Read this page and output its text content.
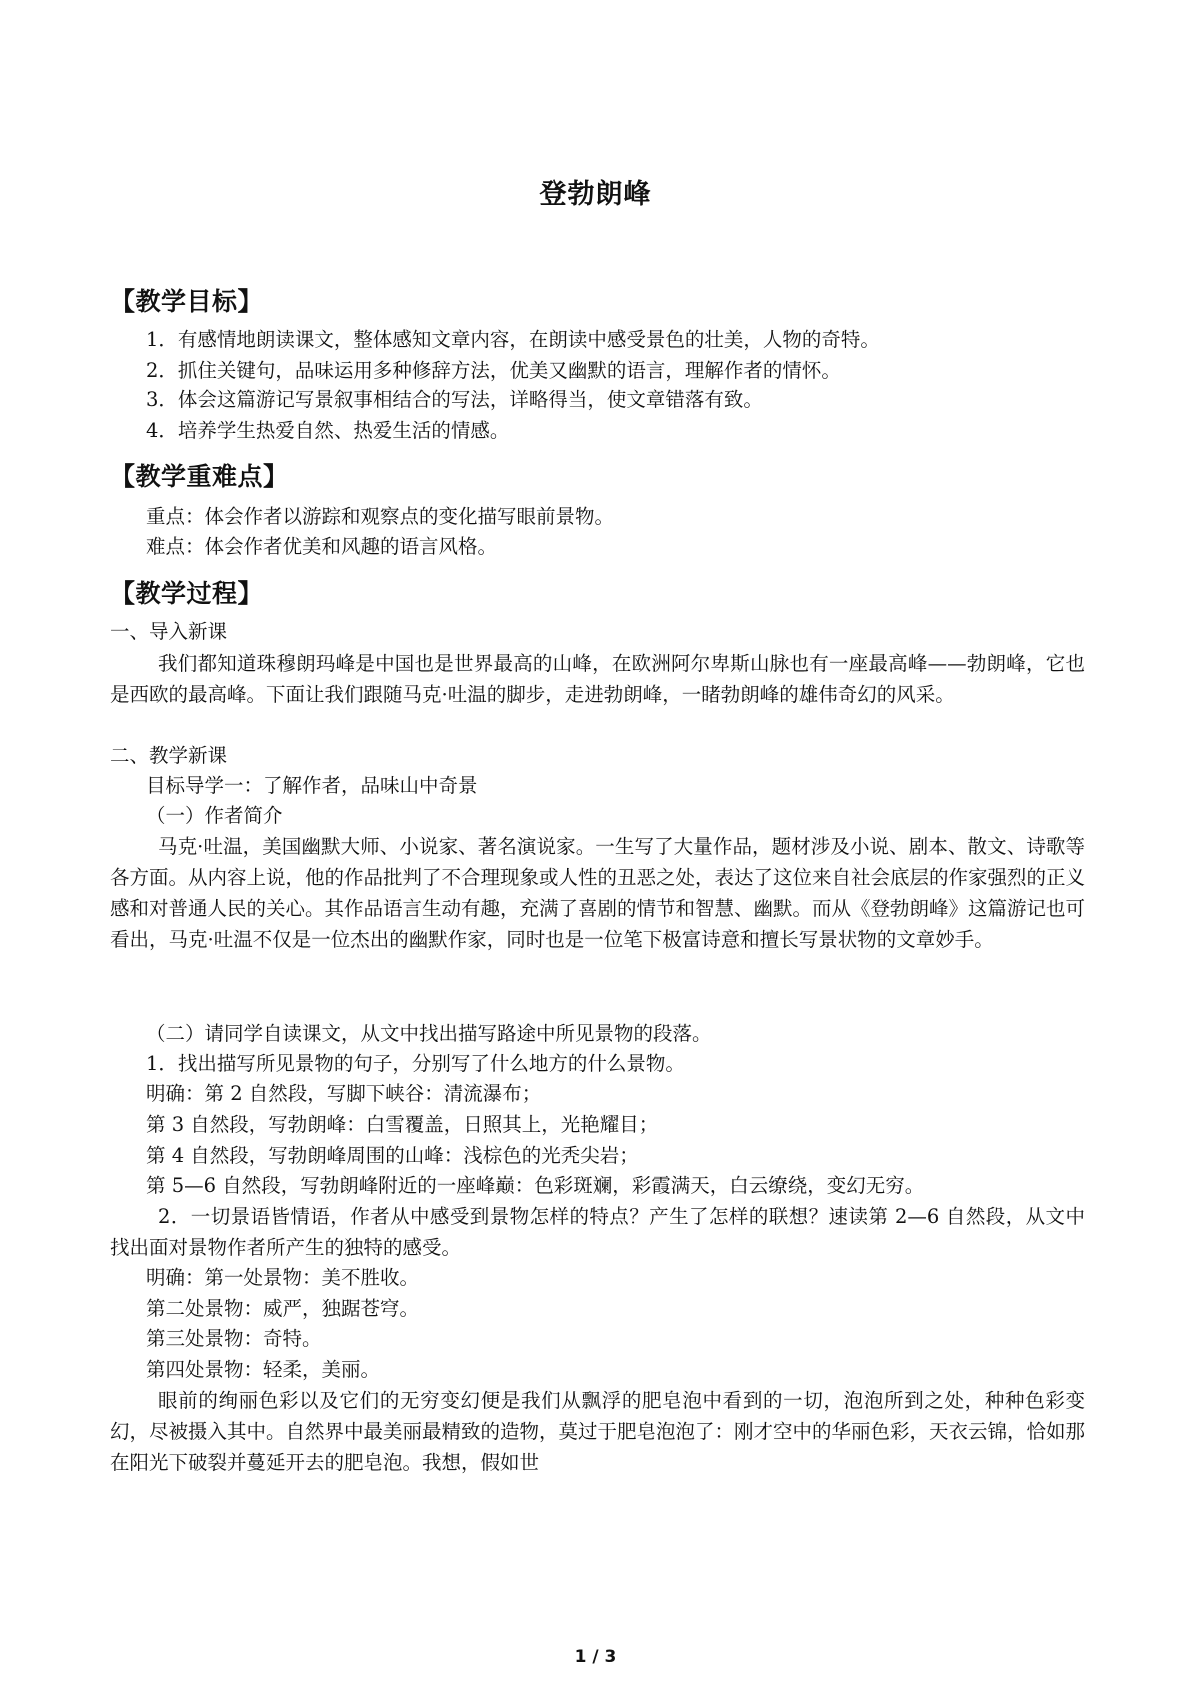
登勃朗峰
【教学目标】
1．有感情地朗读课文，整体感知文章内容，在朗读中感受景色的壮美，人物的奇特。
2．抓住关键句，品味运用多种修辞方法，优美又幽默的语言，理解作者的情怀。
3．体会这篇游记写景叙事相结合的写法，详略得当，使文章错落有致。
4．培养学生热爱自然、热爱生活的情感。
【教学重难点】
重点：体会作者以游踪和观察点的变化描写眼前景物。
难点：体会作者优美和风趣的语言风格。
【教学过程】
一、导入新课
我们都知道珠穆朗玛峰是中国也是世界最高的山峰，在欧洲阿尔卑斯山脉也有一座最高峰——勃朗峰，它也是西欧的最高峰。下面让我们跟随马克·吐温的脚步，走进勃朗峰，一睹勃朗峰的雄伟奇幻的风采。
二、教学新课
目标导学一：了解作者，品味山中奇景
（一）作者简介
马克·吐温，美国幽默大师、小说家、著名演说家。一生写了大量作品，题材涉及小说、剧本、散文、诗歌等各方面。从内容上说，他的作品批判了不合理现象或人性的丑恶之处，表达了这位来自社会底层的作家强烈的正义感和对普通人民的关心。其作品语言生动有趣，充满了喜剧的情节和智慧、幽默。而从《登勃朗峰》这篇游记也可看出，马克·吐温不仅是一位杰出的幽默作家，同时也是一位笔下极富诗意和擅长写景状物的文章妙手。
（二）请同学自读课文，从文中找出描写路途中所见景物的段落。
1．找出描写所见景物的句子，分别写了什么地方的什么景物。
明确：第 2 自然段，写脚下峡谷：清流瀑布；
第 3 自然段，写勃朗峰：白雪覆盖，日照其上，光艳耀目；
第 4 自然段，写勃朗峰周围的山峰：浅棕色的光秃尖岩；
第 5—6 自然段，写勃朗峰附近的一座峰巅：色彩斑斓，彩霞满天，白云缭绕，变幻无穷。
2．一切景语皆情语，作者从中感受到景物怎样的特点？产生了怎样的联想？速读第 2—6 自然段，从文中找出面对景物作者所产生的独特的感受。
明确：第一处景物：美不胜收。
第二处景物：威严，独踞苍穹。
第三处景物：奇特。
第四处景物：轻柔，美丽。
眼前的绚丽色彩以及它们的无穷变幻便是我们从飘浮的肥皂泡中看到的一切，泡泡所到之处，种种色彩变幻，尽被摄入其中。自然界中最美丽最精致的造物，莫过于肥皂泡泡了：刚才空中的华丽色彩，天衣云锦，恰如那在阳光下破裂并蔓延开去的肥皂泡。我想，假如世
1 / 3
